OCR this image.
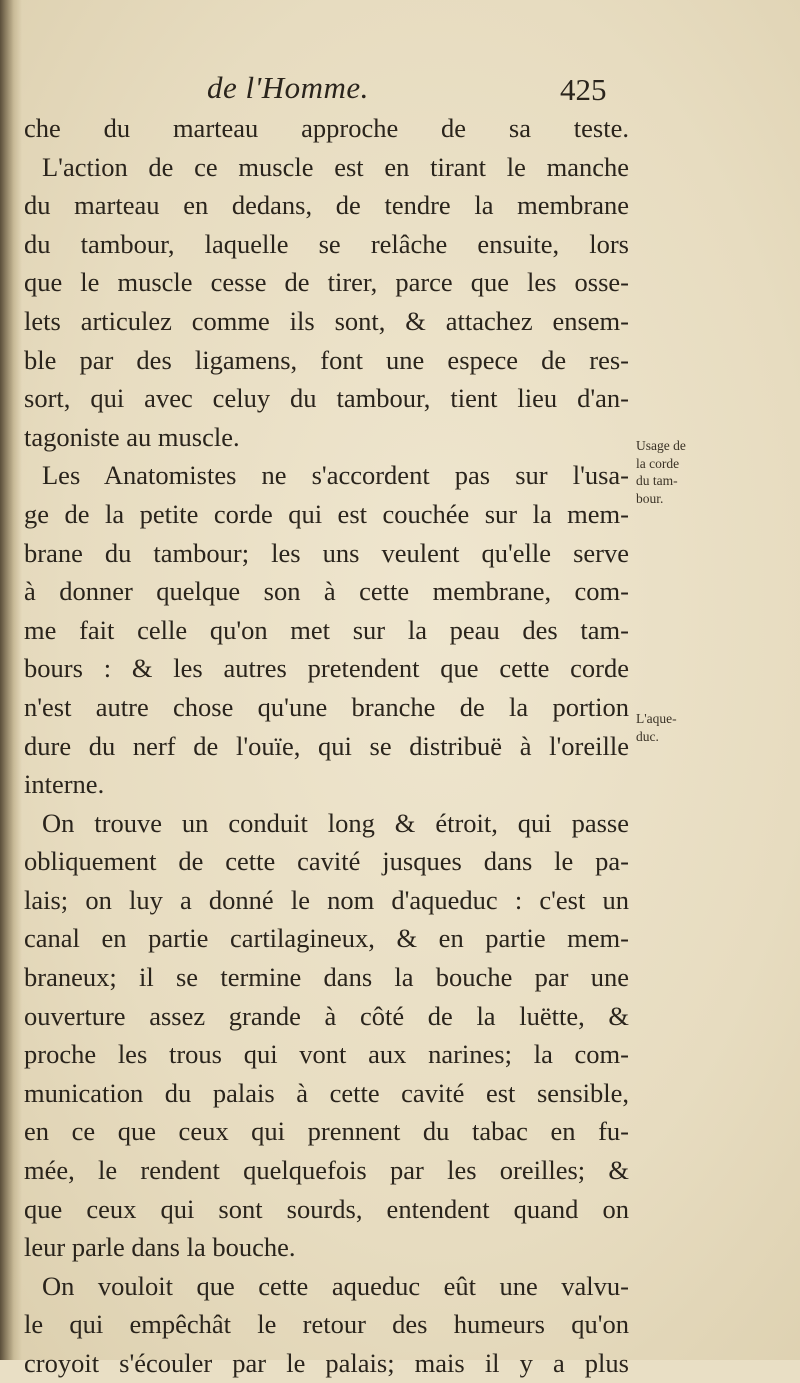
de l'Homme.	425
che du marteau approche de sa teste.
L'action de ce muscle est en tirant le manche
du marteau en dedans, de tendre la membrane
du tambour, laquelle se relâche ensuite, lors
que le muscle cesse de tirer, parce que les osse-
lets articulez comme ils sont, & attachez ensem-
ble par des ligamens, font une espece de res-
sort, qui avec celuy du tambour, tient lieu d'an-
tagoniste au muscle.
Les Anatomistes ne s'accordent pas sur l'usa-
ge de la petite corde qui est couchée sur la mem-
brane du tambour; les uns veulent qu'elle serve
à donner quelque son à cette membrane, com-
me fait celle qu'on met sur la peau des tam-
bours : & les autres pretendent que cette corde
n'est autre chose qu'une branche de la portion
dure du nerf de l'ouïe, qui se distribuë à l'oreille
interne.
On trouve un conduit long & étroit, qui passe
obliquement de cette cavité jusques dans le pa-
lais; on luy a donné le nom d'aqueduc : c'est un
canal en partie cartilagineux, & en partie mem-
braneux; il se termine dans la bouche par une
ouverture assez grande à côté de la luëtte, &
proche les trous qui vont aux narines; la com-
munication du palais à cette cavité est sensible,
en ce que ceux qui prennent du tabac en fu-
mée, le rendent quelquefois par les oreilles; &
que ceux qui sont sourds, entendent quand on
leur parle dans la bouche.
On vouloit que cette aqueduc eût une valvu-
le qui empêchât le retour des humeurs qu'on
croyoit s'écouler par le palais; mais il y a plus
Usage de
la corde
du tam-
bour.
L'aque-
duc.
